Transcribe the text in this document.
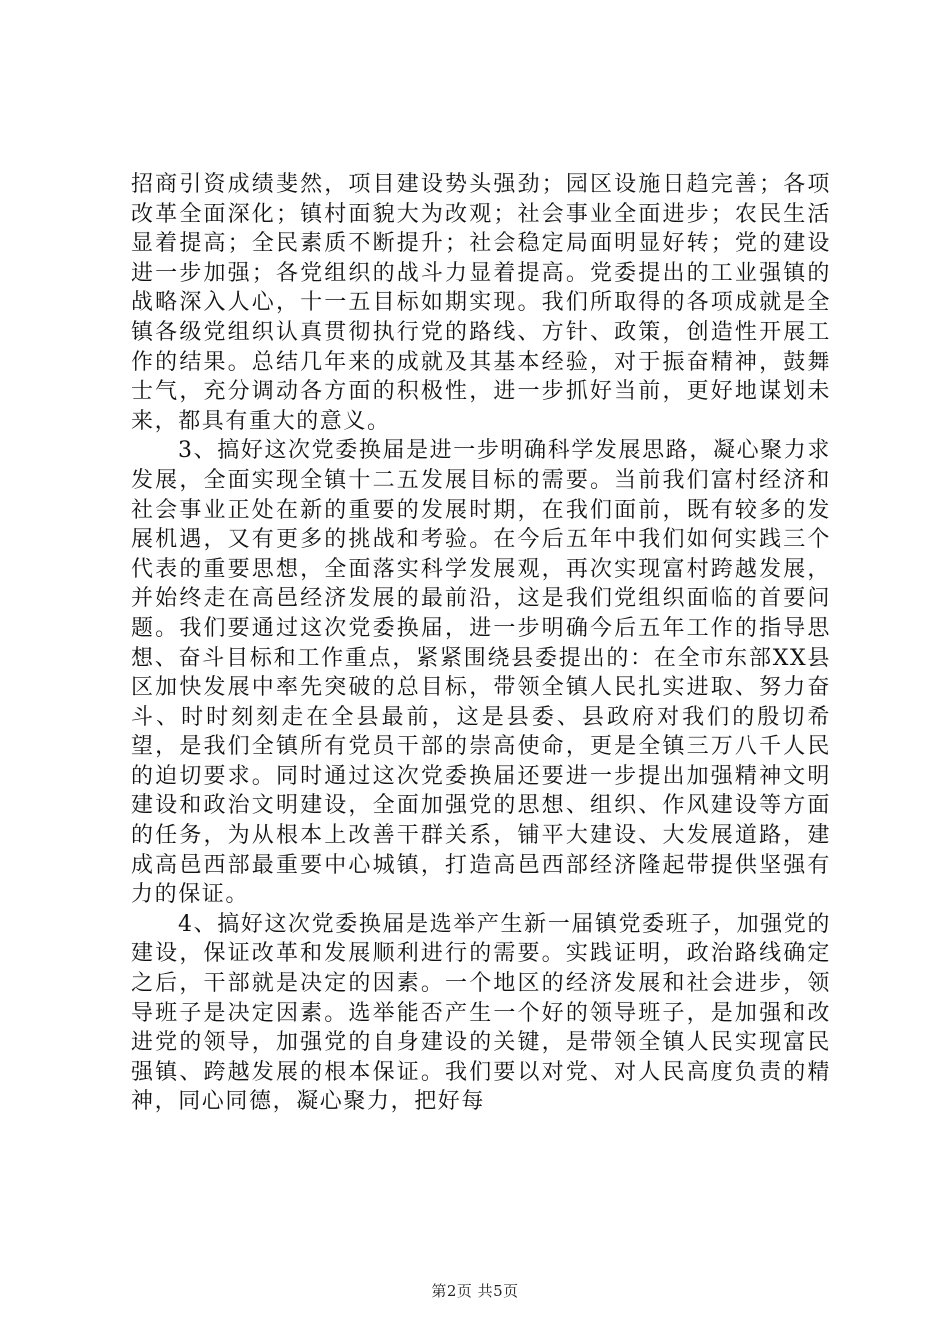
招商引资成绩斐然，项目建设势头强劲；园区设施日趋完善；各项改革全面深化；镇村面貌大为改观；社会事业全面进步；农民生活显着提高；全民素质不断提升；社会稳定局面明显好转；党的建设进一步加强；各党组织的战斗力显着提高。党委提出的工业强镇的战略深入人心，十一五目标如期实现。我们所取得的各项成就是全镇各级党组织认真贯彻执行党的路线、方针、政策，创造性开展工作的结果。总结几年来的成就及其基本经验，对于振奋精神，鼓舞士气，充分调动各方面的积极性，进一步抓好当前，更好地谋划未来，都具有重大的意义。

3、搞好这次党委换届是进一步明确科学发展思路，凝心聚力求发展，全面实现全镇十二五发展目标的需要。当前我们富村经济和社会事业正处在新的重要的发展时期，在我们面前，既有较多的发展机遇，又有更多的挑战和考验。在今后五年中我们如何实践三个代表的重要思想，全面落实科学发展观，再次实现富村跨越发展，并始终走在高邑经济发展的最前沿，这是我们党组织面临的首要问题。我们要通过这次党委换届，进一步明确今后五年工作的指导思想、奋斗目标和工作重点，紧紧围绕县委提出的：在全市东部XX县区加快发展中率先突破的总目标，带领全镇人民扎实进取、努力奋斗、时时刻刻走在全县最前，这是县委、县政府对我们的殷切希望，是我们全镇所有党员干部的崇高使命，更是全镇三万八千人民的迫切要求。同时通过这次党委换届还要进一步提出加强精神文明建设和政治文明建设，全面加强党的思想、组织、作风建设等方面的任务，为从根本上改善干群关系，铺平大建设、大发展道路，建成高邑西部最重要中心城镇，打造高邑西部经济隆起带提供坚强有力的保证。

4、搞好这次党委换届是选举产生新一届镇党委班子，加强党的建设，保证改革和发展顺利进行的需要。实践证明，政治路线确定之后，干部就是决定的因素。一个地区的经济发展和社会进步，领导班子是决定因素。选举能否产生一个好的领导班子，是加强和改进党的领导，加强党的自身建设的关键，是带领全镇人民实现富民强镇、跨越发展的根本保证。我们要以对党、对人民高度负责的精神，同心同德，凝心聚力，把好每

第2页 共5页
